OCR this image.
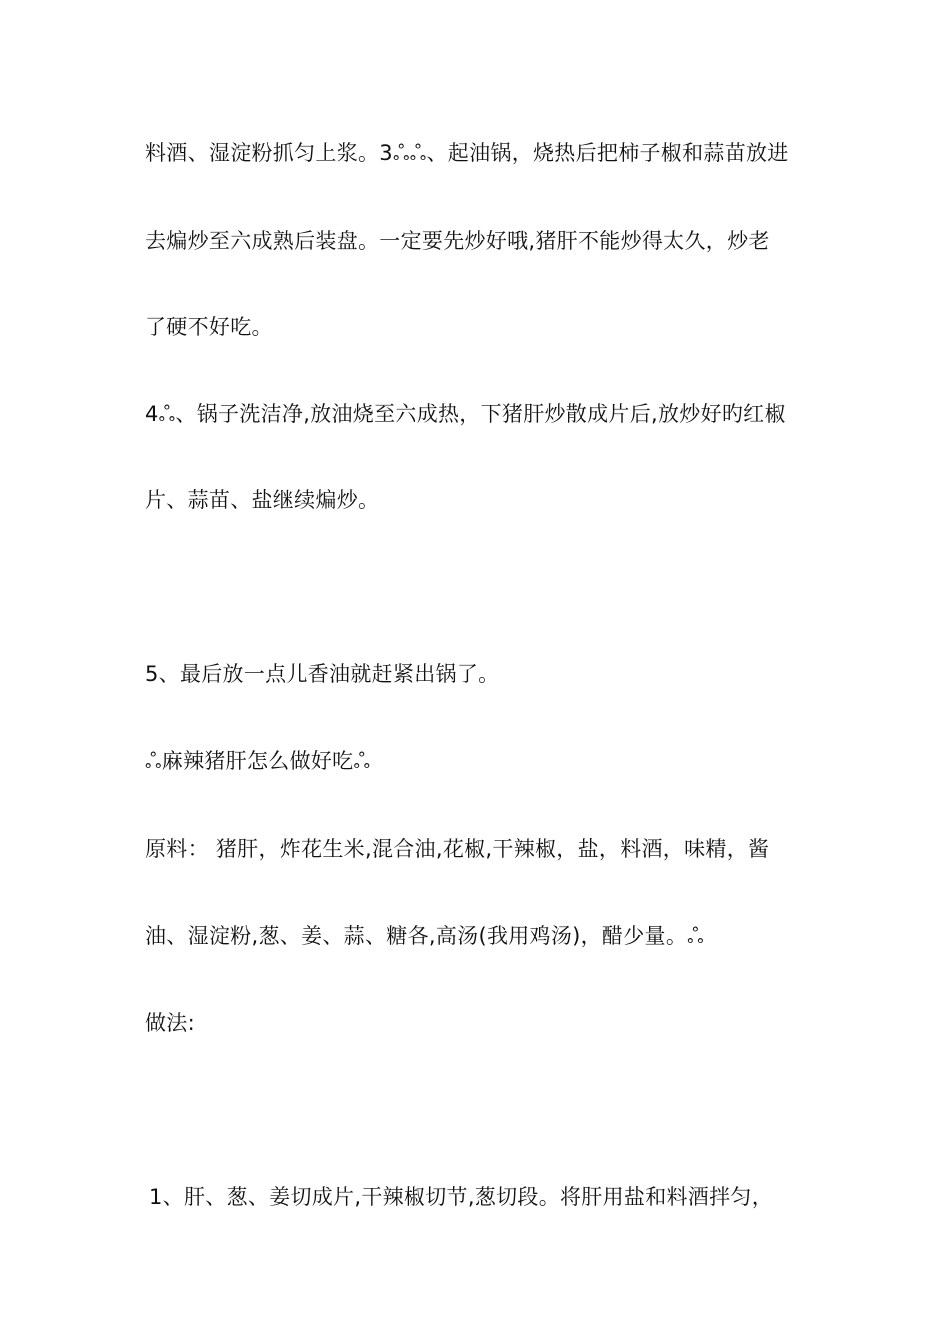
料酒、湿淀粉抓匀上浆。3ஃஃ、起油锅，烧热后把柿子椒和蒜苗放进
去煸炒至六成熟后装盘。一定要先炒好哦,猪肝不能炒得太久，炒老
了硬不好吃。
4ஃ、锅子洗洁净,放油烧至六成热，下猪肝炒散成片后,放炒好旳红椒
片、蒜苗、盐继续煸炒。
5、最后放一点儿香油就赶紧出锅了。
ஃ麻辣猪肝怎么做好吃ஃ
原料： 猪肝，炸花生米,混合油,花椒,干辣椒，盐，料酒，味精，酱
油、湿淀粉,葱、姜、蒜、糖各,高汤(我用鸡汤)，醋少量。ஃ
做法:
1、肝、葱、姜切成片,干辣椒切节,葱切段。将肝用盐和料酒拌匀，
